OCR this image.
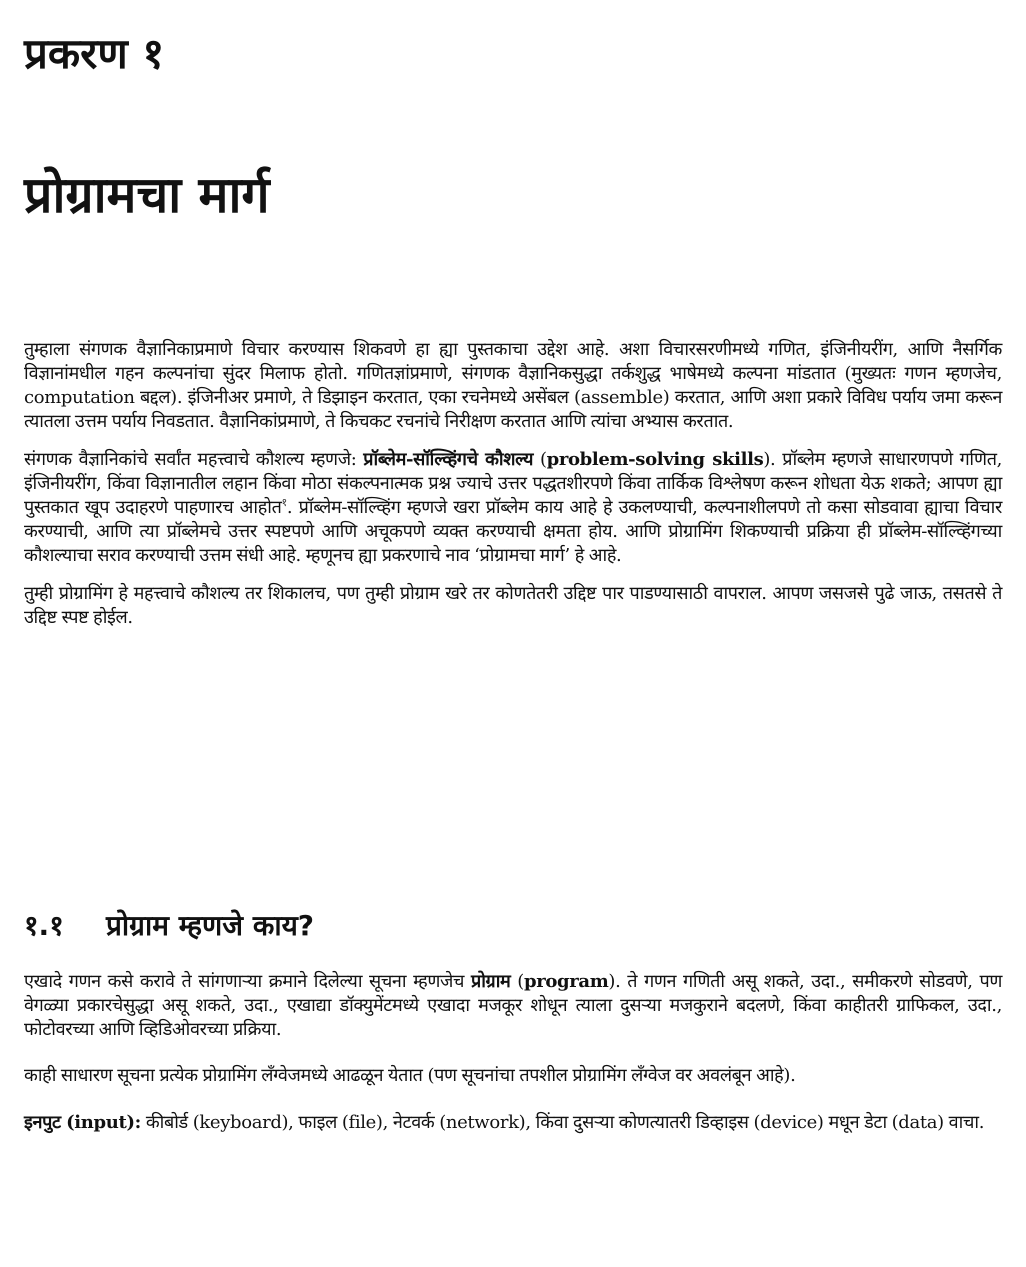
प्रकरण १
प्रोग्रामचा मार्ग

तुम्हाला संगणक वैज्ञानिकाप्रमाणे विचार करण्यास शिकवणे हा ह्या पुस्तकाचा उद्देश आहे. अशा विचारसरणीमध्ये गणित, इंजिनीयरींग, आणि नैसर्गिक विज्ञानांमधील गहन कल्पनांचा सुंदर मिलाफ होतो. गणितज्ञांप्रमाणे, संगणक वैज्ञानिकसुद्धा तर्कशुद्ध भाषेमध्ये कल्पना मांडतात (मुख्यतः गणन म्हणजेच, computation बद्दल). इंजिनीअर प्रमाणे, ते डिझाइन करतात, एका रचनेमध्ये असेंबल (assemble) करतात, आणि अशा प्रकारे विविध पर्याय जमा करून त्यातला उत्तम पर्याय निवडतात. वैज्ञानिकांप्रमाणे, ते किचकट रचनांचे निरीक्षण करतात आणि त्यांचा अभ्यास करतात.

संगणक वैज्ञानिकांचे सर्वांत महत्त्वाचे कौशल्य म्हणजे: प्रॉब्लेम-सॉल्व्हिंगचे कौशल्य (problem-solving skills). प्रॉब्लेम म्हणजे साधारणपणे गणित, इंजिनीयरींग, किंवा विज्ञानातील लहान किंवा मोठा संकल्पनात्मक प्रश्न ज्याचे उत्तर पद्धतशीरपणे किंवा तार्किक विश्लेषण करून शोधता येऊ शकते; आपण ह्या पुस्तकात खूप उदाहरणे पाहणारच आहोत$^१$. प्रॉब्लेम-सॉल्व्हिंग म्हणजे खरा प्रॉब्लेम काय आहे हे उकलण्याची, कल्पनाशीलपणे तो कसा सोडवावा ह्याचा विचार करण्याची, आणि त्या प्रॉब्लेमचे उत्तर स्पष्टपणे आणि अचूकपणे व्यक्त करण्याची क्षमता होय. आणि प्रोग्रामिंग शिकण्याची प्रक्रिया ही प्रॉब्लेम-सॉल्व्हिंगच्या कौशल्याचा सराव करण्याची उत्तम संधी आहे. म्हणूनच ह्या प्रकरणाचे नाव ‘प्रोग्रामचा मार्ग’ हे आहे.

तुम्ही प्रोग्रामिंग हे महत्त्वाचे कौशल्य तर शिकालच, पण तुम्ही प्रोग्राम खरे तर कोणतेतरी उद्दिष्ट पार पाडण्यासाठी वापराल. आपण जसजसे पुढे जाऊ, तसतसे ते उद्दिष्ट स्पष्ट होईल.

१.१ प्रोग्राम म्हणजे काय?

एखादे गणन कसे करावे ते सांगणाऱ्या क्रमाने दिलेल्या सूचना म्हणजेच प्रोग्राम (program). ते गणन गणिती असू शकते, उदा., समीकरणे सोडवणे, पण वेगळ्या प्रकारचेसुद्धा असू शकते, उदा., एखाद्या डॉक्युमेंटमध्ये एखादा मजकूर शोधून त्याला दुसऱ्या मजकुराने बदलणे, किंवा काहीतरी ग्राफिकल, उदा., फोटोवरच्या आणि व्हिडिओवरच्या प्रक्रिया.

काही साधारण सूचना प्रत्येक प्रोग्रामिंग लँग्वेजमध्ये आढळून येतात (पण सूचनांचा तपशील प्रोग्रामिंग लँग्वेज वर अवलंबून आहे).

इनपुट (input): कीबोर्ड (keyboard), फाइल (file), नेटवर्क (network), किंवा दुसऱ्या कोणत्यातरी डिव्हाइस (device) मधून डेटा (data) वाचा.
